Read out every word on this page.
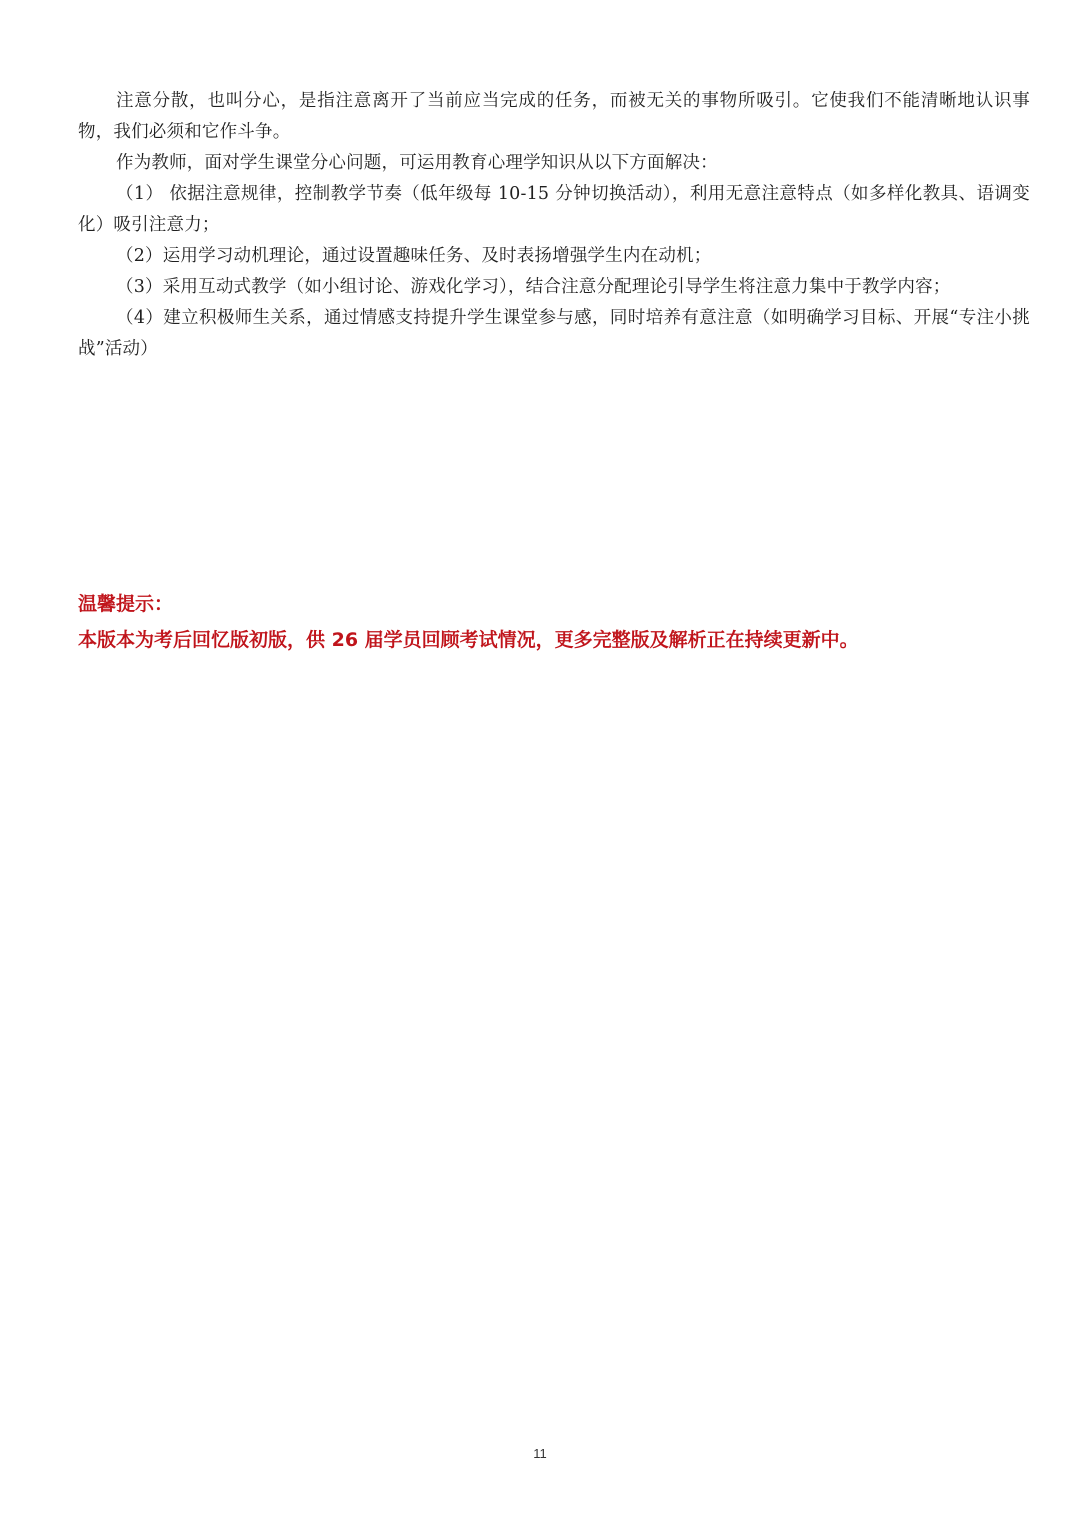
注意分散，也叫分心，是指注意离开了当前应当完成的任务，而被无关的事物所吸引。它使我们不能清晰地认识事物，我们必须和它作斗争。

作为教师，面对学生课堂分心问题，可运用教育心理学知识从以下方面解决：

（1） 依据注意规律，控制教学节奏（低年级每 10-15 分钟切换活动），利用无意注意特点（如多样化教具、语调变化）吸引注意力；

（2）运用学习动机理论，通过设置趣味任务、及时表扬增强学生内在动机；

（3）采用互动式教学（如小组讨论、游戏化学习），结合注意分配理论引导学生将注意力集中于教学内容；

（4）建立积极师生关系，通过情感支持提升学生课堂参与感，同时培养有意注意（如明确学习目标、开展“专注小挑战”活动）

温馨提示：

本版本为考后回忆版初版，供 26 届学员回顾考试情况，更多完整版及解析正在持续更新中。

11
